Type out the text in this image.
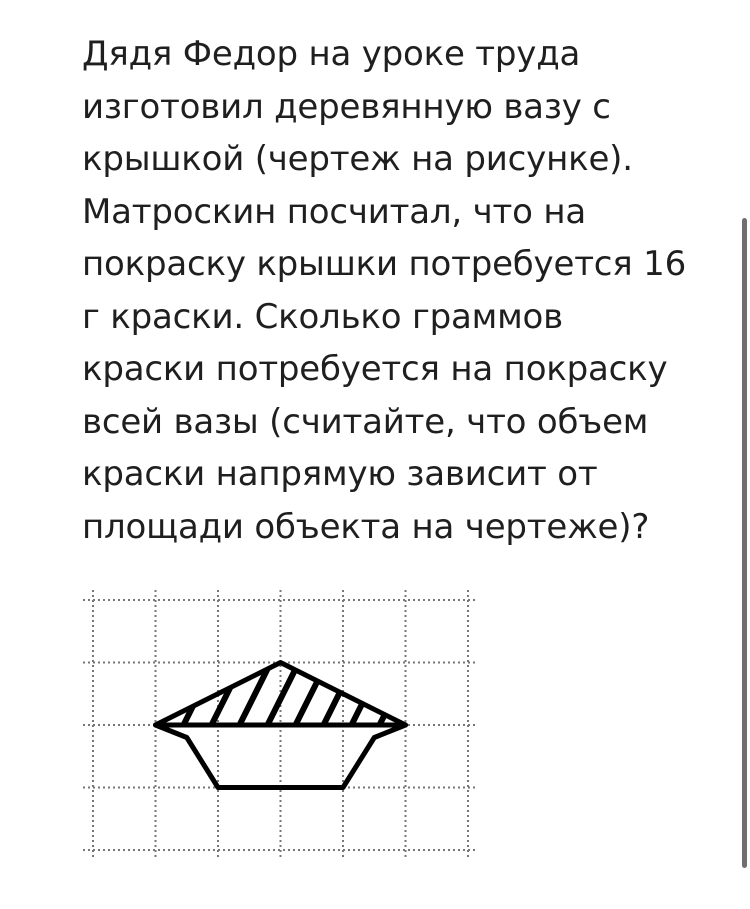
Дядя Федор на уроке труда
изготовил деревянную вазу с
крышкой (чертеж на рисунке).
Матроскин посчитал, что на
покраску крышки потребуется 16
г краски. Сколько граммов
краски потребуется на покраску
всей вазы (считайте, что объем
краски напрямую зависит от
площади объекта на чертеже)?
